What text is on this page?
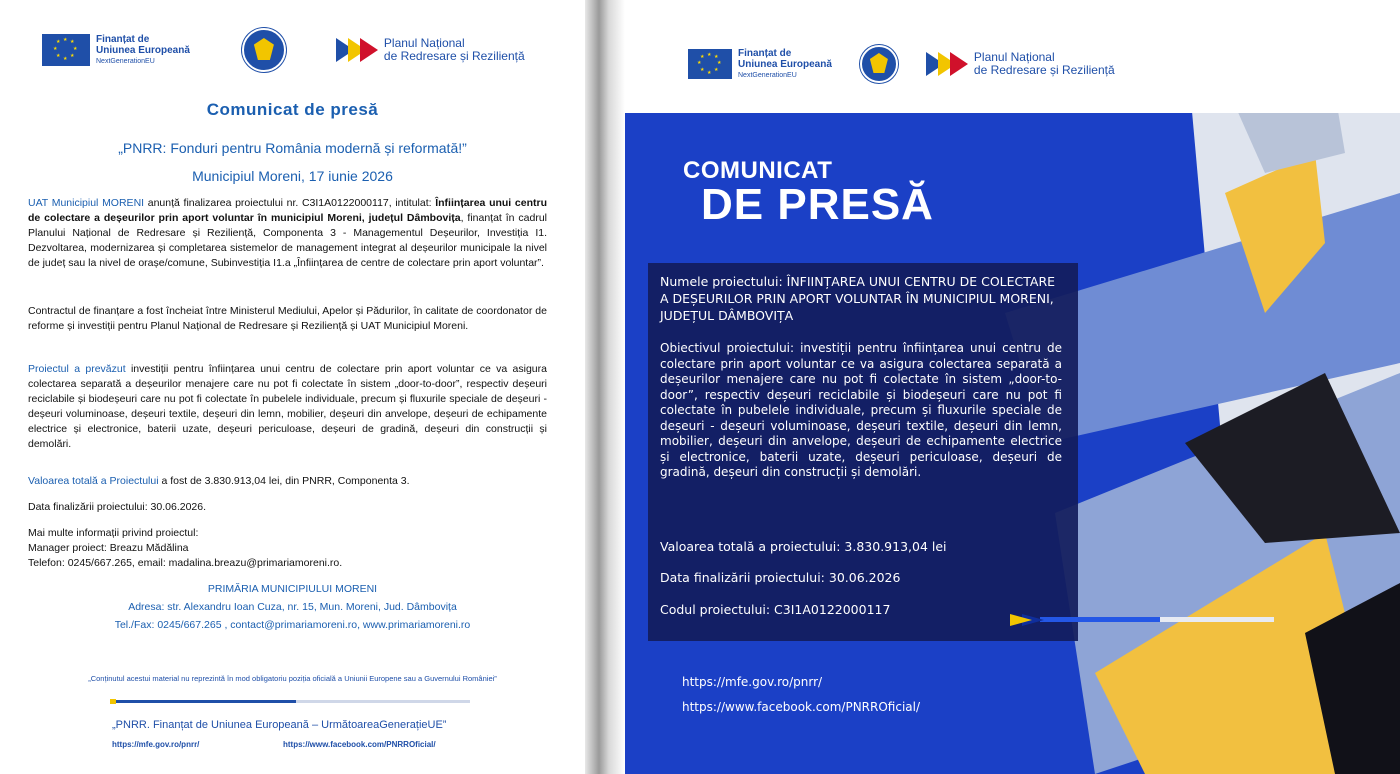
★ ★
★
★
★
★
★
★	Finanțat de
Uniunea Europeană
NextGenerationEU
Planul Național
de Redresare și Reziliență
Comunicat de presă
„PNRR: Fonduri pentru România modernă și reformată!”
Municipiul Moreni, 17 iunie 2026
UAT Municipiul MORENI anunță finalizarea proiectului nr. C3I1A0122000117, intitulat: Înființarea unui centru de colectare a deșeurilor prin aport voluntar în municipiul Moreni, județul Dâmbovița, finanțat în cadrul Planului Național de Redresare și Reziliență, Componenta 3 - Managementul Deșeurilor, Investiția I1. Dezvoltarea, modernizarea și completarea sistemelor de management integrat al deșeurilor municipale la nivel de județ sau la nivel de orașe/comune, Subinvestiția I1.a „Înființarea de centre de colectare prin aport voluntar”.
Contractul de finanțare a fost încheiat între Ministerul Mediului, Apelor și Pădurilor, în calitate de coordonator de reforme și investiții pentru Planul Național de Redresare și Reziliență și UAT Municipiul Moreni.
Proiectul a prevăzut investiții pentru înființarea unui centru de colectare prin aport voluntar ce va asigura colectarea separată a deșeurilor menajere care nu pot fi colectate în sistem „door-to-door”, respectiv deșeuri reciclabile și biodeșeuri care nu pot fi colectate în pubelele individuale, precum și fluxurile speciale de deșeuri - deșeuri voluminoase, deșeuri textile, deșeuri din lemn, mobilier, deșeuri din anvelope, deșeuri de echipamente electrice și electronice, baterii uzate, deșeuri periculoase, deșeuri de gradină, deșeuri din construcții și demolări.
Valoarea totală a Proiectului a fost de 3.830.913,04 lei, din PNRR, Componenta 3.
Data finalizării proiectului: 30.06.2026.
Mai multe informații privind proiectul:
Manager proiect: Breazu Mădălina
Telefon: 0245/667.265, email: madalina.breazu@primariamoreni.ro.
PRIMĂRIA MUNICIPIULUI MORENI
Adresa: str. Alexandru Ioan Cuza, nr. 15, Mun. Moreni, Jud. Dâmbovița
Tel./Fax: 0245/667.265 , contact@primariamoreni.ro, www.primariamoreni.ro
„Conținutul acestui material nu reprezintă în mod obligatoriu poziția oficială a Uniunii Europene sau a Guvernului României”
„PNRR. Finanțat de Uniunea Europeană – UrmătoareaGenerațieUE”
https://mfe.gov.ro/pnrr/	https://www.facebook.com/PNRROficial/
★ ★
★
★
★
★
★
★	Finanțat de
Uniunea Europeană
NextGenerationEU
Planul Național
de Redresare și Reziliență
COMUNICAT
DE PRESĂ
Numele proiectului: ÎNFIINȚAREA UNUI CENTRU DE COLECTARE A DEȘEURILOR PRIN APORT VOLUNTAR ÎN MUNICIPIUL MORENI, JUDEȚUL DÂMBOVIȚA
Obiectivul proiectului: investiții pentru înființarea unui centru de colectare prin aport voluntar ce va asigura colectarea separată a deșeurilor menajere care nu pot fi colectate în sistem „door-to-door”, respectiv deșeuri reciclabile și biodeșeuri care nu pot fi colectate în pubelele individuale, precum și fluxurile speciale de deșeuri - deșeuri voluminoase, deșeuri textile, deșeuri din lemn, mobilier, deșeuri din anvelope, deșeuri de echipamente electrice și electronice, baterii uzate, deșeuri periculoase, deșeuri de gradină, deșeuri din construcții și demolări.
Valoarea totală a proiectului: 3.830.913,04 lei
Data finalizării proiectului: 30.06.2026
Codul proiectului: C3I1A0122000117
https://mfe.gov.ro/pnrr/
https://www.facebook.com/PNRROficial/
